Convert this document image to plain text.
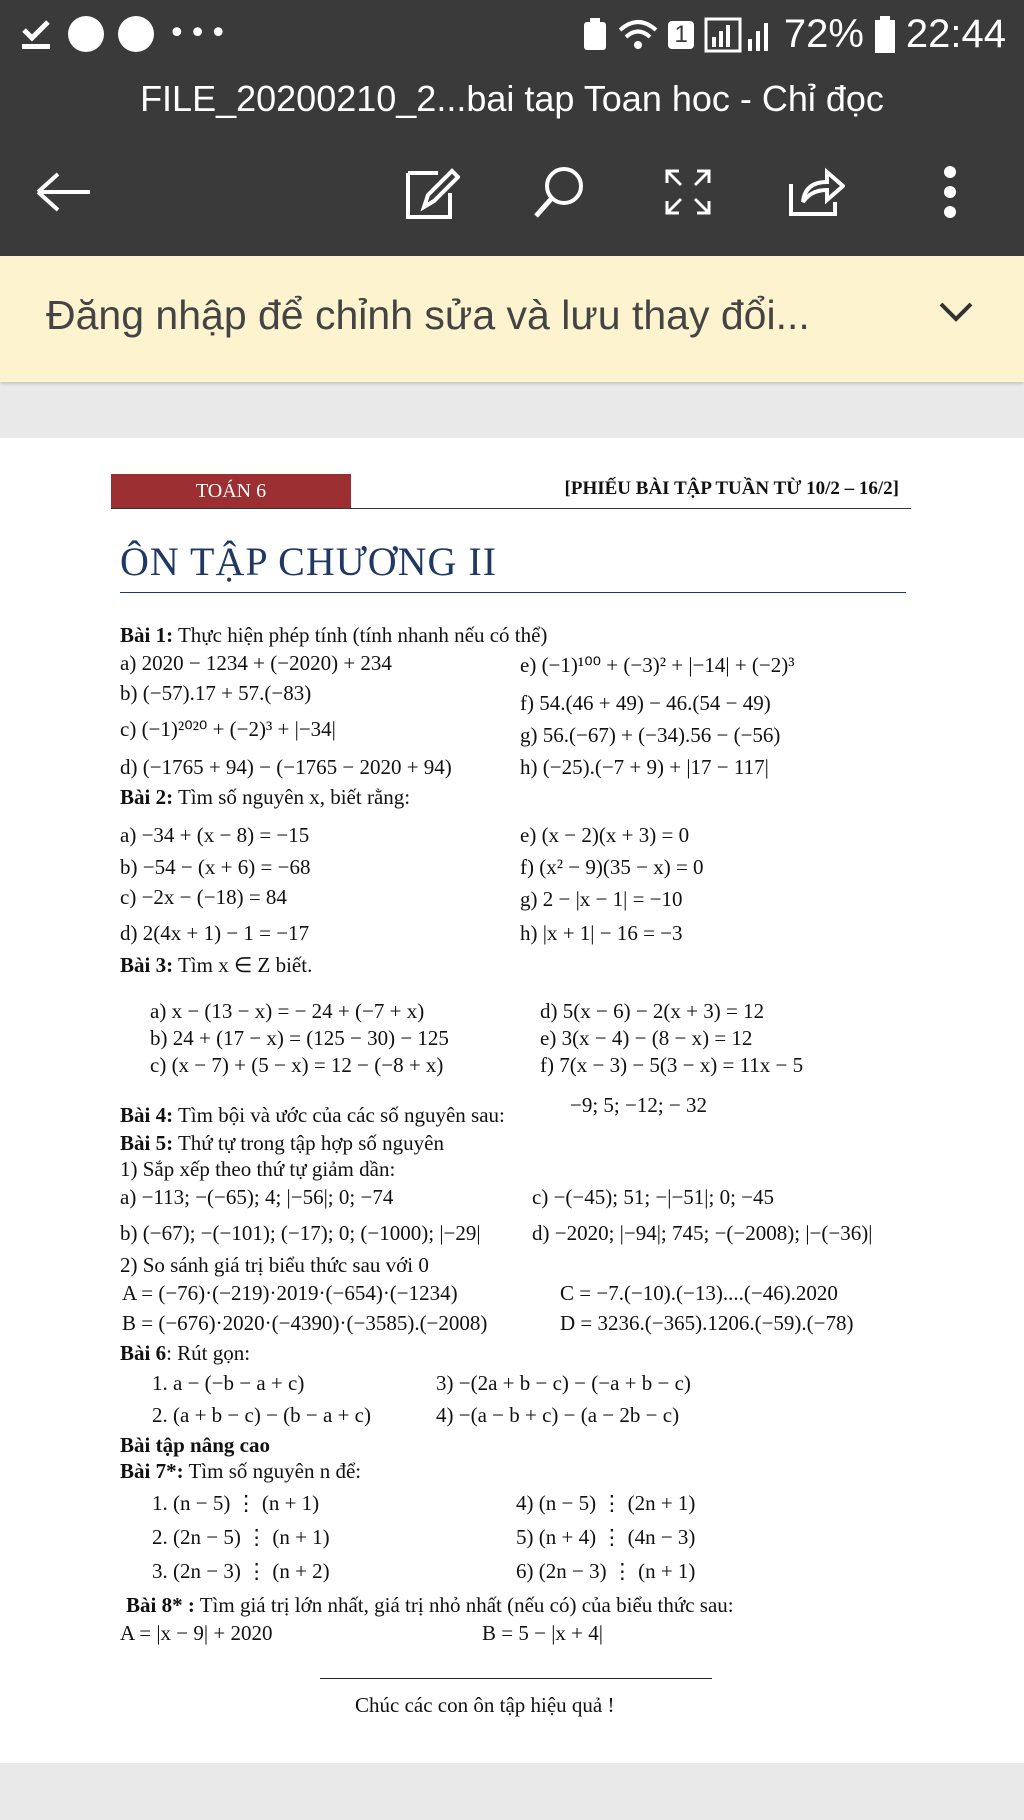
•••	1 72% 22:44
FILE_20200210_2...bai tap Toan hoc - Chỉ đọc
Đăng nhập để chỉnh sửa và lưu thay đổi...
TOÁN 6	[PHIẾU BÀI TẬP TUẦN TỪ 10/2 – 16/2]
ÔN TẬP CHƯƠNG II
Bài 1: Thực hiện phép tính (tính nhanh nếu có thể)
a) 2020 − 1234 + (−2020) + 234
b) (−57).17 + 57.(−83)
c) (−1)²⁰²⁰ + (−2)³ + |−34|
d) (−1765 + 94) − (−1765 − 2020 + 94)
e) (−1)¹⁰⁰ + (−3)² + |−14| + (−2)³
f) 54.(46 + 49) − 46.(54 − 49)
g) 56.(−67) + (−34).56 − (−56)
h) (−25).(−7 + 9) + |17 − 117|
Bài 2: Tìm số nguyên x, biết rằng:
a) −34 + (x − 8) = −15
b) −54 − (x + 6) = −68
c) −2x − (−18) = 84
d) 2(4x + 1) − 1 = −17
e) (x − 2)(x + 3) = 0
f) (x² − 9)(35 − x) = 0
g) 2 − |x − 1| = −10
h) |x + 1| − 16 = −3
Bài 3: Tìm x ∈ Z biết.
a) x − (13 − x) = − 24 + (−7 + x)
b) 24 + (17 − x) = (125 − 30) − 125
c) (x − 7) + (5 − x) = 12 − (−8 + x)
d) 5(x − 6) − 2(x + 3) = 12
e) 3(x − 4) − (8 − x) = 12
f) 7(x − 3) − 5(3 − x) = 11x − 5
Bài 4: Tìm bội và ước của các số nguyên sau:	−9; 5; −12; − 32
Bài 5: Thứ tự trong tập hợp số nguyên
1) Sắp xếp theo thứ tự giảm dần:
a) −113; −(−65); 4; |−56|; 0; −74
b) (−67); −(−101); (−17); 0; (−1000); |−29|
c) −(−45); 51; −|−51|; 0; −45
d) −2020; |−94|; 745; −(−2008); |−(−36)|
2) So sánh giá trị biểu thức sau với 0
A = (−76)·(−219)·2019·(−654)·(−1234)
B = (−676)·2020·(−4390)·(−3585).(−2008)
C = −7.(−10).(−13)....(−46).2020
D = 3236.(−365).1206.(−59).(−78)
Bài 6: Rút gọn:
1. a − (−b − a + c)
2. (a + b − c) − (b − a + c)
3) −(2a + b − c) − (−a + b − c)
4) −(a − b + c) − (a − 2b − c)
Bài tập nâng cao
Bài 7*: Tìm số nguyên n để:
1. (n − 5) ⋮ (n + 1)
2. (2n − 5) ⋮ (n + 1)
3. (2n − 3) ⋮ (n + 2)
4) (n − 5) ⋮ (2n + 1)
5) (n + 4) ⋮ (4n − 3)
6) (2n − 3) ⋮ (n + 1)
Bài 8* : Tìm giá trị lớn nhất, giá trị nhỏ nhất (nếu có) của biểu thức sau:
A = |x − 9| + 2020	B = 5 − |x + 4|
Chúc các con ôn tập hiệu quả !
